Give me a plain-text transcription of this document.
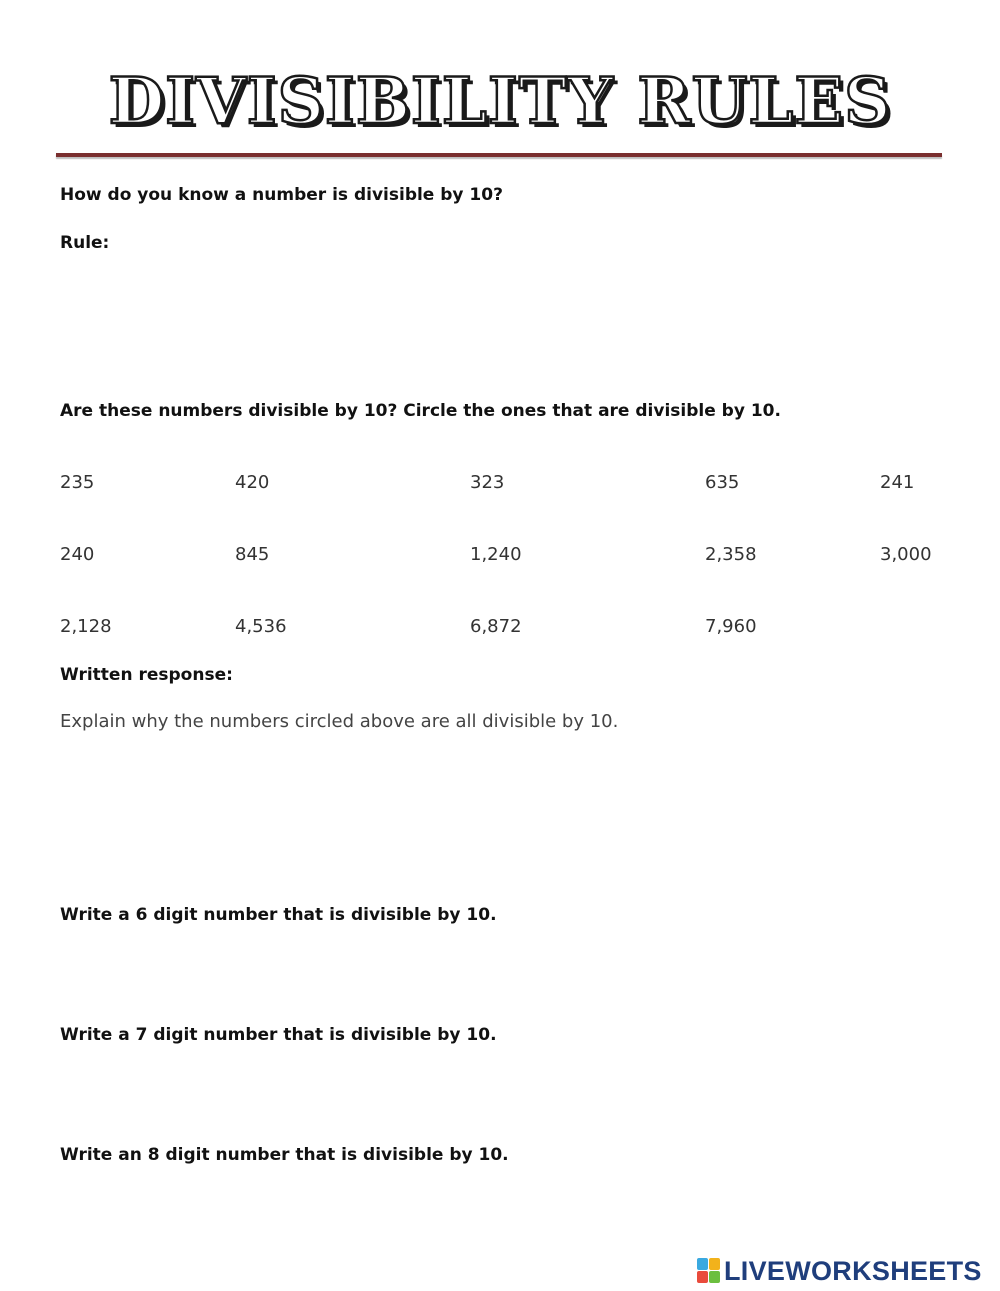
DIVISIBILITY RULES
How do you know a number is divisible by 10?
Rule:
Are these numbers divisible by 10? Circle the ones that are divisible by 10.
235	420	323	635	241
240	845	1,240	2,358	3,000
2,128	4,536	6,872	7,960
Written response:
Explain why the numbers circled above are all divisible by 10.
Write a 6 digit number that is divisible by 10.
Write a 7 digit number that is divisible by 10.
Write an 8 digit number that is divisible by 10.
LIVEWORKSHEETS
